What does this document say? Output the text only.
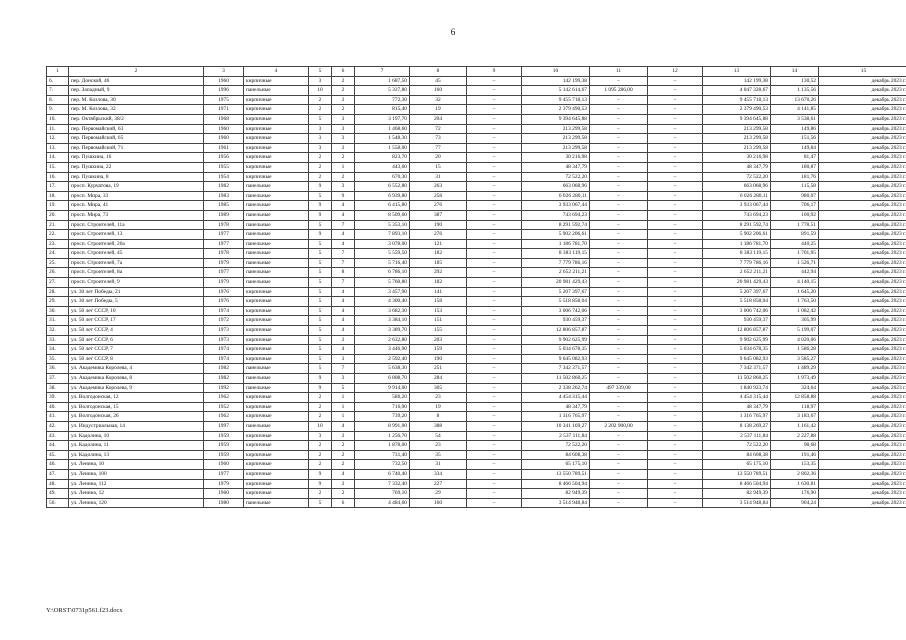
6
1	2	3	4	5	6	7	8	9	10	11	12	13	14	15
6.	пер. Донской, 46	1960	кирпичные	3	2	1 687,50	45	–	142 199,38	–	–	142 199,38	130,52	декабрь 2023 г.
7.	пер. Западный, 9	1996	панельные	10	2	5 337,80	160	–	5 142 614,67	1 095 286,00	–	4 047 328,67	1 135,56	декабрь 2023 г.
8.	пер. М. Козлова, 30	1975	кирпичные	2	3	772,30	32	–	9 455 718,13	–	–	9 455 718,13	13 670,26	декабрь 2023 г.
9.	пер. М. Козлова, 32	1971	кирпичные	2	2	815,40	19	–	2 379 490,53	–	–	2 379 490,53	4 141,85	декабрь 2023 г.
10.	пер. Октябрьский, 38/2	1968	кирпичные	5	3	3 197,70	204	–	9 394 645,88	–	–	9 394 645,88	3 538,61	декабрь 2023 г.
11.	пер. Первомайский, 63	1960	кирпичные	3	3	1 468,60	72	–	213 299,58	–	–	213 299,58	149,86	декабрь 2023 г.
12.	пер. Первомайский, 65	1960	кирпичные	3	3	1 548,30	73	–	213 299,58	–	–	213 299,58	151,56	декабрь 2023 г.
13.	пер. Первомайский, 71	1961	кирпичные	3	3	1 558,00	77	–	213 299,58	–	–	213 299,58	149,84	декабрь 2023 г.
14.	пер. Пушкина, 16	1956	кирпичные	2	2	823,70	20	–	30 216,98	–	–	30 216,98	81,47	декабрь 2023 г.
15.	пер. Пушкина, 22	1955	кирпичные	2	1	443,60	15	–	48 347,79	–	–	48 347,79	180,87	декабрь 2023 г.
16.	пер. Пушкина, 8	1954	кирпичные	2	2	670,30	31	–	72 522,20	–	–	72 522,20	181,76	декабрь 2023 г.
17.	просп. Курчатова, 19	1982	панельные	9	3	6 552,80	263	–	663 068,96	–	–	663 068,96	115,58	декабрь 2023 г.
18.	просп. Мира, 33	1983	панельные	5	9	6 939,80	258	–	6 026 280,11	–	–	6 026 280,11	980,07	декабрь 2023 г.
19.	просп. Мира, 41	1985	панельные	9	4	6 415,80	276	–	3 933 067,44	–	–	3 933 067,44	706,17	декабрь 2023 г.
20.	просп. Мира, 73	1989	панельные	9	4	8 509,60	387	–	743 694,23	–	–	743 694,23	100,92	декабрь 2023 г.
21.	просп. Строителей, 11а	1978	панельные	5	7	5 353,10	190	–	8 291 592,74	–	–	8 291 592,74	1 778,51	декабрь 2023 г.
22.	просп. Строителей, 13	1977	панельные	9	4	7 893,10	276	–	5 902 206,61	–	–	5 902 206,61	891,59	декабрь 2023 г.
23.	просп. Строителей, 20а	1977	панельные	5	4	3 078,00	121	–	1 186 781,70	–	–	1 186 781,70	440,25	декабрь 2023 г.
24.	просп. Строителей, 45	1978	панельные	5	7	5 559,50	182	–	8 383 119,15	–	–	8 383 119,15	1 701,95	декабрь 2023 г.
25.	просп. Строителей, 7а	1979	панельные	5	7	5 716,40	185	–	7 779 786,16	–	–	7 779 786,16	1 526,71	декабрь 2023 г.
26.	просп. Строителей, 8а	1977	панельные	5	8	6 786,10	292	–	2 652 211,21	–	–	2 652 211,21	442,94	декабрь 2023 г.
27.	просп. Строителей, 9	1979	панельные	5	7	5 760,80	182	–	20 981 429,43	–	–	20 981 429,43	4 140,15	декабрь 2023 г.
28.	ул. 30 лет Победы, 21	1976	кирпичные	5	4	3 457,90	141	–	5 207 397,67	–	–	5 207 397,67	1 645,20	декабрь 2023 г.
29.	ул. 30 лет Победы, 5	1976	кирпичные	5	4	4 300,40	158	–	5 518 858,04	–	–	5 518 858,04	1 763,50	декабрь 2023 г.
30.	ул. 50 лет СССР, 10	1974	кирпичные	5	4	3 682,30	153	–	3 006 742,06	–	–	3 006 742,06	1 082,42	декабрь 2023 г.
31.	ул. 50 лет СССР, 17	1972	кирпичные	5	4	3 384,10	151	–	930 459,37	–	–	930 459,37	305,99	декабрь 2023 г.
32.	ул. 50 лет СССР, 4	1973	кирпичные	5	4	3 389,70	155	–	12 806 857,87	–	–	12 806 857,87	5 199,07	декабрь 2023 г.
33.	ул. 50 лет СССР, 6	1973	кирпичные	5	3	2 632,80	203	–	9 902 625,99	–	–	9 902 625,99	4 020,06	декабрь 2023 г.
34.	ул. 50 лет СССР, 7	1974	кирпичные	5	4	3 446,90	159	–	5 034 678,35	–	–	5 034 678,35	1 586,28	декабрь 2023 г.
35.	ул. 50 лет СССР, 8	1974	кирпичные	5	3	2 592,40	190	–	9 645 082,93	–	–	9 645 082,93	3 585,27	декабрь 2023 г.
36.	ул. Академика Королева, 4	1982	панельные	5	7	5 638,30	251	–	7 342 371,57	–	–	7 342 371,57	1 489,29	декабрь 2023 г.
37.	ул. Академика Королева, 8	1982	панельные	9	3	6 808,70	284	–	11 502 860,25	–	–	11 502 860,25	1 973,49	декабрь 2023 г.
38.	ул. Академика Королева, 9	1992	панельные	9	5	9 914,00	305	–	2 338 262,74	497 339,00	–	1 840 923,74	324,64	декабрь 2023 г.
39.	ул. Волгодонская, 12	1962	кирпичные	2	1	580,20	23	–	4 454 315,44	–	–	4 454 315,44	12 858,88	декабрь 2023 г.
40.	ул. Волгодонская, 15	1952	кирпичные	2	1	716,90	19	–	48 347,79	–	–	48 347,79	118,97	декабрь 2023 г.
41.	ул. Волгодонская, 26	1962	кирпичные	2	1	739,20	8	–	1 316 765,97	–	–	1 316 765,97	3 183,67	декабрь 2023 г.
42.	ул. Индустриальная, 14	1997	панельные	10	4	8 991,00	388	–	10 341 169,27	2 202 900,00	–	8 138 269,27	1 161,42	декабрь 2023 г.
43.	ул. Кадолина, 10	1959	кирпичные	3	3	1 256,70	54	–	2 537 111,84	–	–	2 537 111,84	2 227,88	декабрь 2023 г.
44.	ул. Кадолина, 11	1959	кирпичные	2	2	1 878,00	23	–	72 522,20	–	–	72 522,20	98,68	декабрь 2023 г.
45.	ул. Кадолина, 13	1959	кирпичные	2	2	731,40	35	–	84 608,38	–	–	84 608,38	191,46	декабрь 2023 г.
46.	ул. Ленина, 10	1960	кирпичные	2	2	732,50	31	–	65 175,10	–	–	65 175,10	153,35	декабрь 2023 г.
47.	ул. Ленина, 100	1977	кирпичные	9	4	6 740,40	334	–	13 550 789,51	–	–	13 550 789,51	2 802,36	декабрь 2023 г.
48.	ул. Ленина, 112	1979	кирпичные	9	3	7 332,40	227	–	8 466 504,94	–	–	8 466 504,94	1 630,81	декабрь 2023 г.
49.	ул. Ленина, 12	1960	кирпичные	2	2	769,10	29	–	82 949,39	–	–	82 949,39	176,90	декабрь 2023 г.
50.	ул. Ленина, 120	1980	панельные	5	6	4 484,60	160	–	3 514 948,84	–	–	3 514 948,84	904,24	декабрь 2023 г.
Y:\ORST\0731p561.f23.docx
